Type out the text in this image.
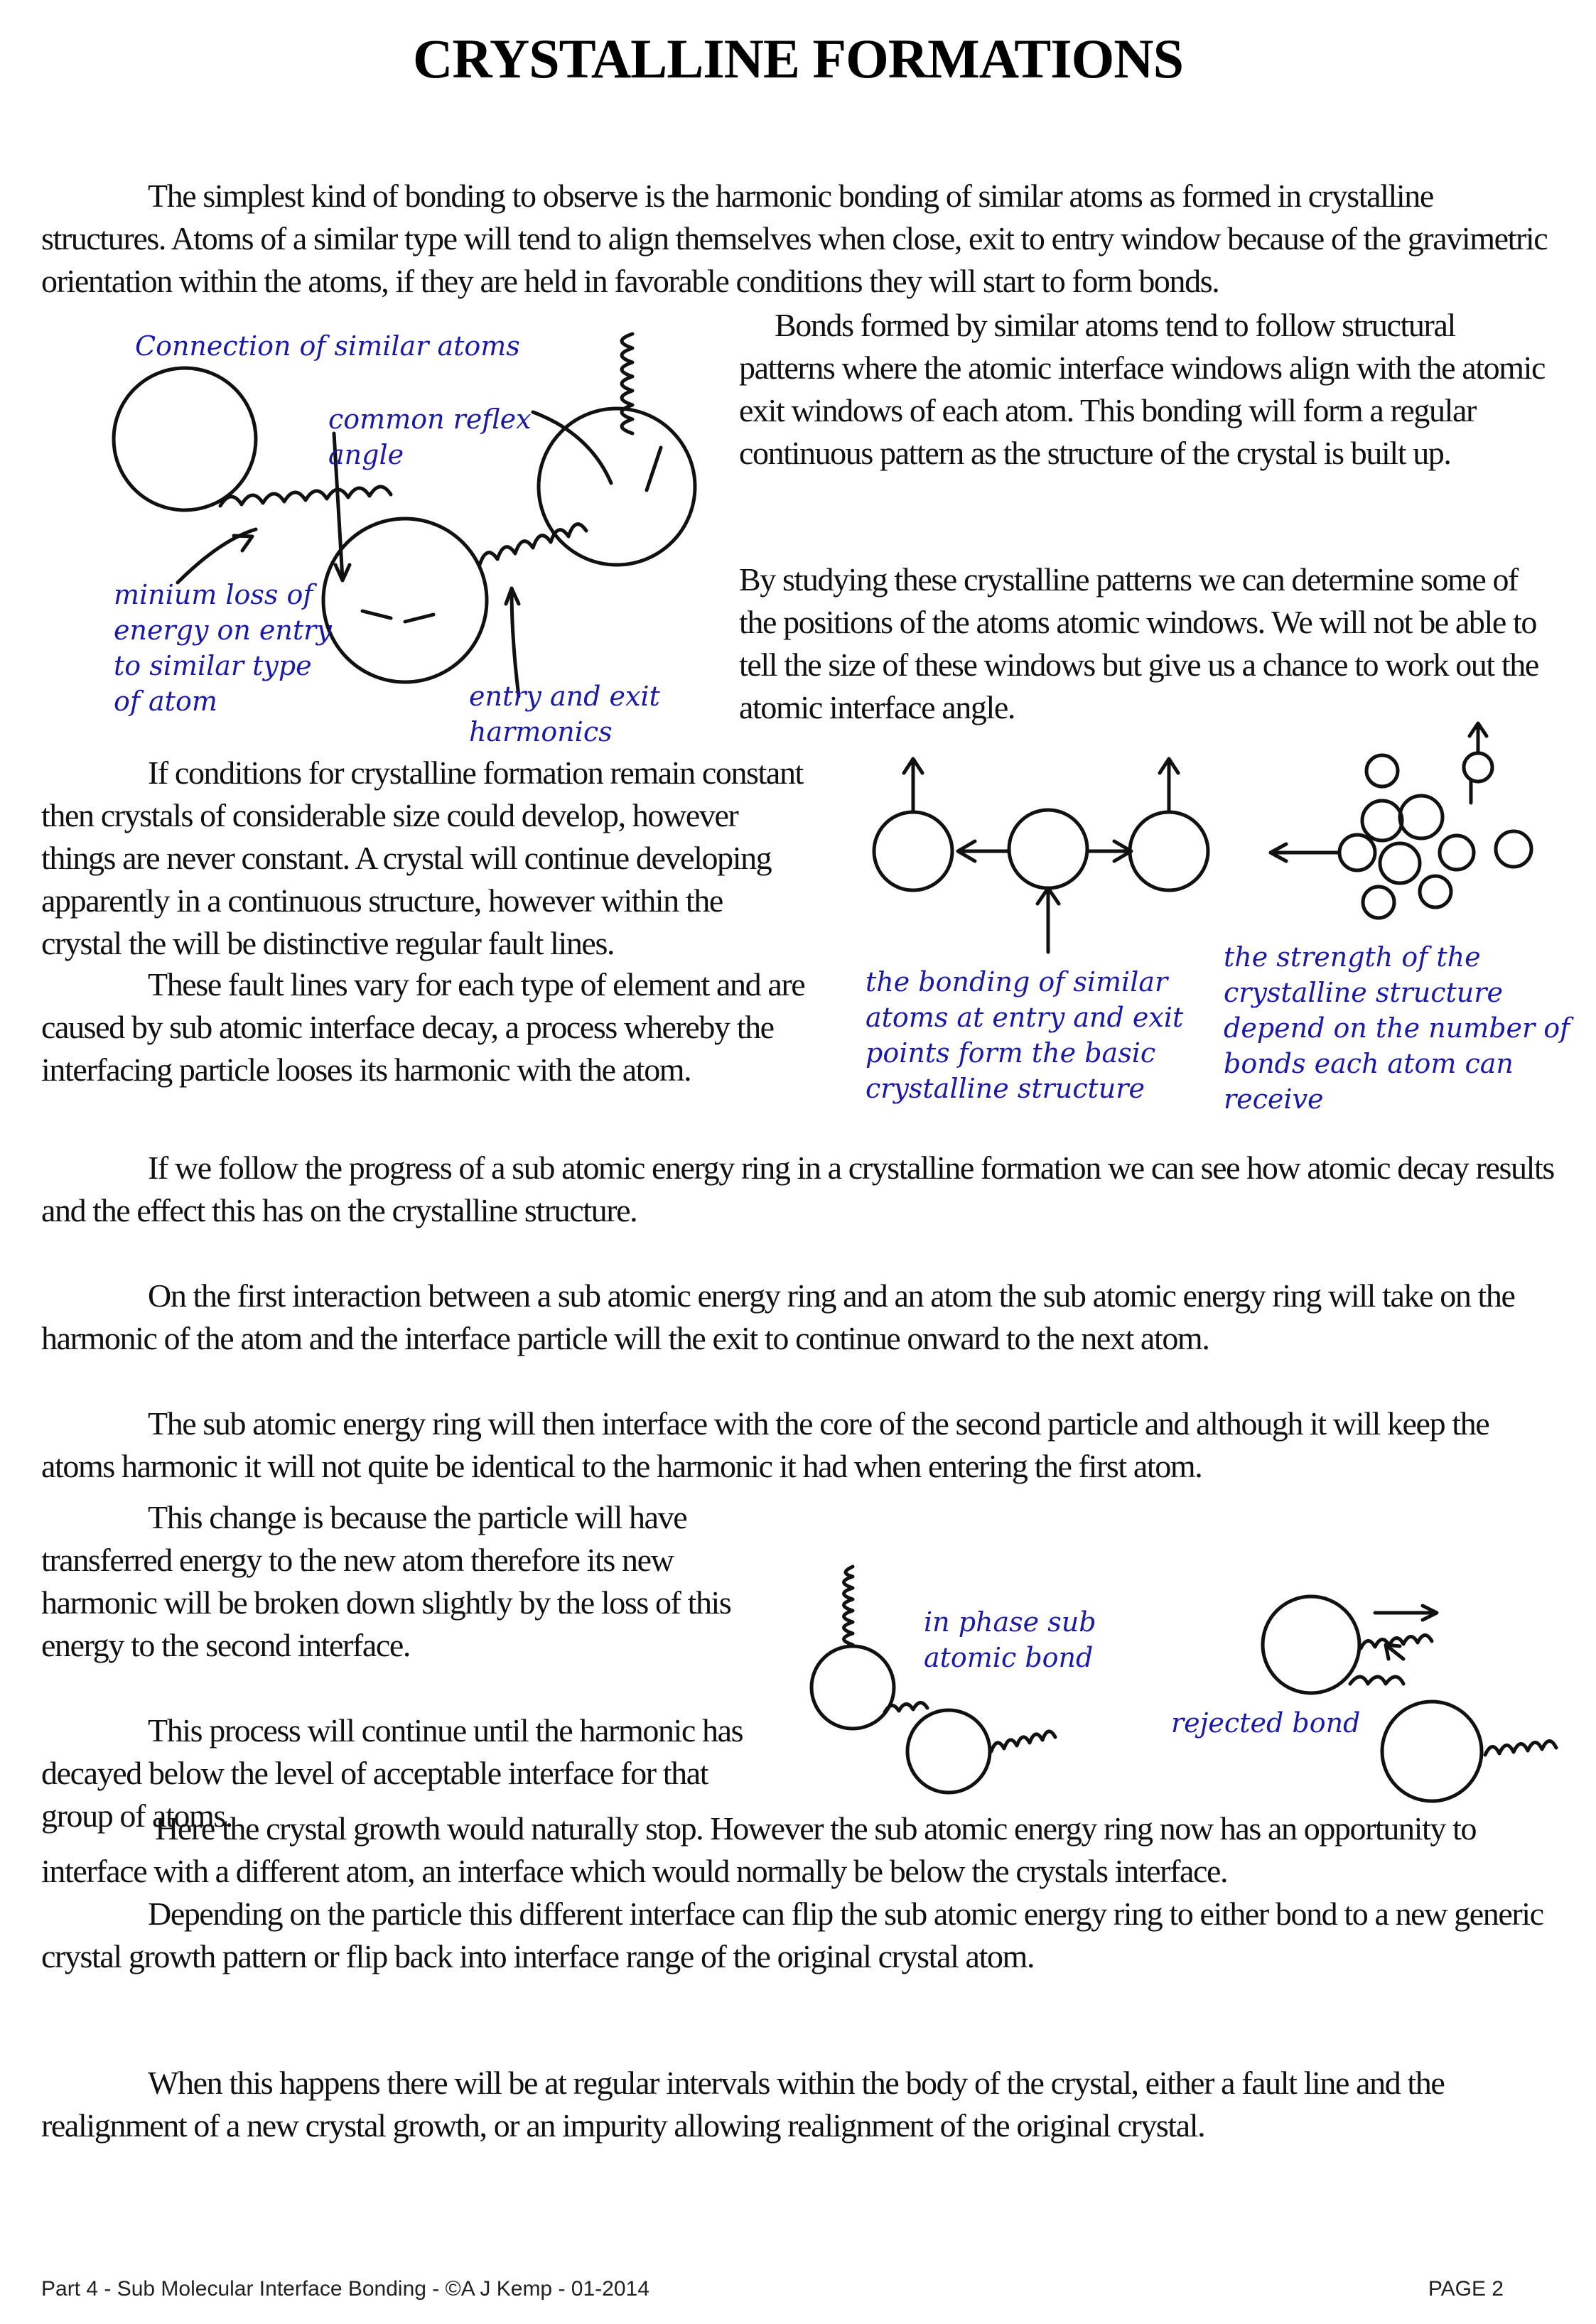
CRYSTALLINE FORMATIONS

The simplest kind of bonding to observe is the harmonic bonding of similar atoms as formed in crystalline structures. Atoms of a similar type will tend to align themselves when close, exit to entry window because of the gravimetric orientation within the atoms, if they are held in favorable conditions they will start to form bonds.

Connection of similar atoms

common reflex
angle

minium loss of
energy on entry
to similar type
of atom	entry and exit
harmonics

Bonds formed by similar atoms tend to follow structural patterns where the atomic interface windows align with the atomic exit windows of each atom. This bonding will form a regular continuous pattern as the structure of the crystal is built up.

By studying these crystalline patterns we can determine some of the positions of the atoms atomic windows. We will not be able to tell the size of these windows but give us a chance to work out the atomic interface angle.

If conditions for crystalline formation remain constant then crystals of considerable size could develop, however things are never constant. A crystal will continue developing apparently in a continuous structure, however within the crystal the will be distinctive regular fault lines.

These fault lines vary for each type of element and are caused by sub atomic interface decay, a process whereby the interfacing particle looses its harmonic with the atom.

the bonding of similar
atoms at entry and exit
points form the basic
crystalline structure

the strength of the
crystalline structure
depend on the number of
bonds each atom can
receive

If we follow the progress of a sub atomic energy ring in a crystalline formation we can see how atomic decay results and the effect this has on the crystalline structure.

On the first interaction between a sub atomic energy ring and an atom the sub atomic energy ring will take on the harmonic of the atom and the interface particle will the exit to continue onward to the next atom.

The sub atomic energy ring will then interface with the core of the second particle and although it will keep the atoms harmonic it will not quite be identical to the harmonic it had when entering the first atom.

This change is because the particle will have transferred energy to the new atom therefore its new harmonic will be broken down slightly by the loss of this energy to the second interface.

This process will continue until the harmonic has decayed below the level of acceptable interface for that group of atoms.

in phase sub
atomic bond

rejected bond

Here the crystal growth would naturally stop. However the sub atomic energy ring now has an opportunity to interface with a different atom, an interface which would normally be below the crystals interface.

Depending on the particle this different interface can flip the sub atomic energy ring to either bond to a new generic crystal growth pattern or flip back into interface range of the original crystal atom.

When this happens there will be at regular intervals within the body of the crystal, either a fault line and the realignment of a new crystal growth, or an impurity allowing realignment of the original crystal.

Part 4 - Sub Molecular Interface Bonding - ©A J Kemp - 01-2014	PAGE 2
